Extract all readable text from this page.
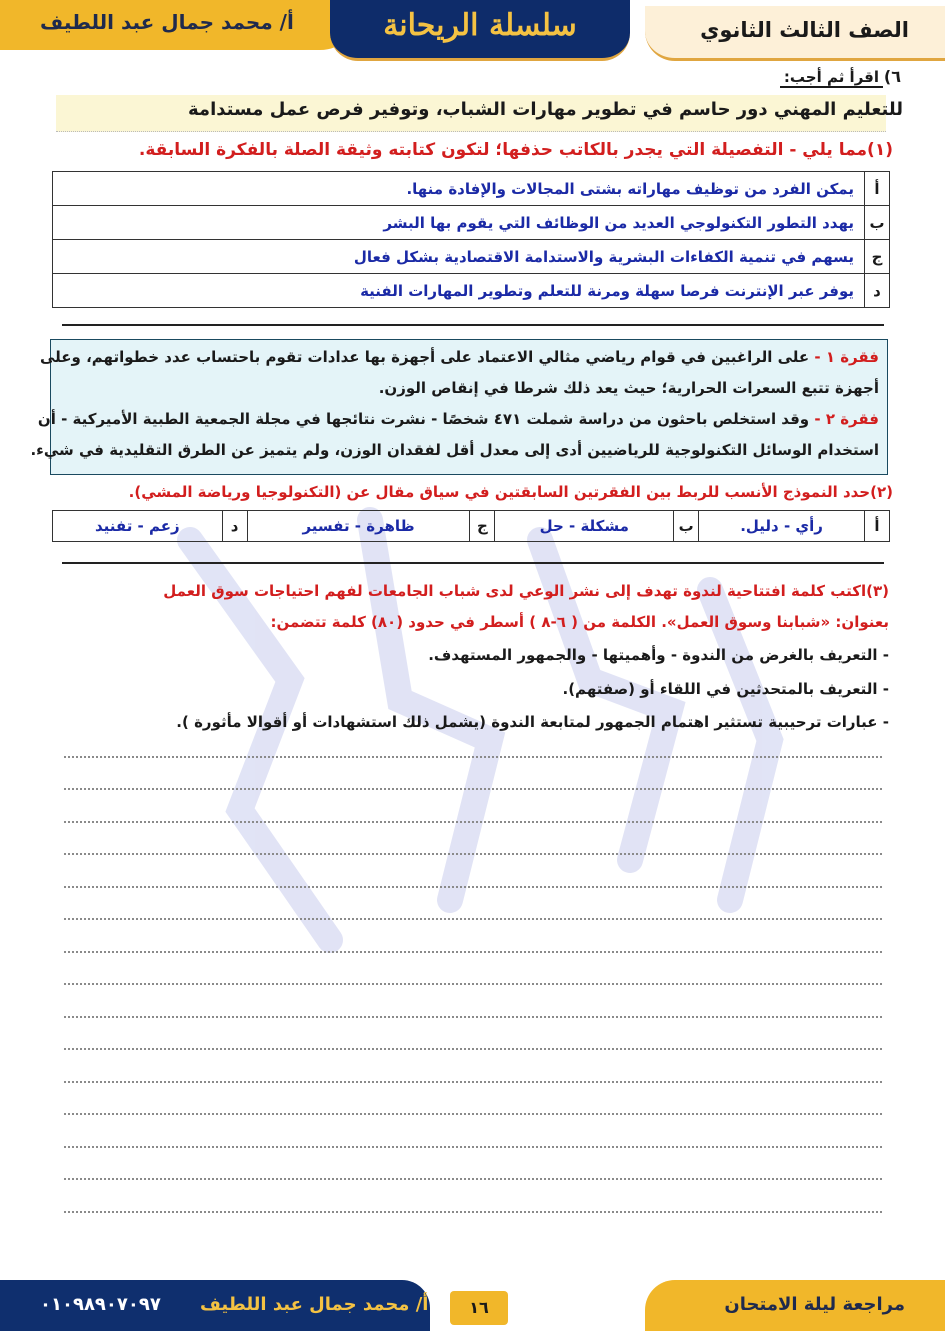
الصف الثالث الثانوي
سلسلة الريحانة
أ/ محمد جمال عبد اللطيف
٦)
اقرأ ثم أجب:
للتعليم المهني دور حاسم في تطوير مهارات الشباب، وتوفير فرص عمل مستدامة
(١)مما يلي - التفصيلة التي يجدر بالكاتب حذفها؛ لتكون كتابته وثيقة الصلة بالفكرة السابقة.
أ	يمكن الفرد من توظيف مهاراته بشتى المجالات والإفادة منها.
ب	يهدد التطور التكنولوجي العديد من الوظائف التي يقوم بها البشر
ج	يسهم في تنمية الكفاءات البشرية والاستدامة الاقتصادية بشكل فعال
د	يوفر عبر الإنترنت فرصا سهلة ومرنة للتعلم وتطوير المهارات الفنية
فقرة ١ - على الراغبين في قوام رياضي مثالي الاعتماد على أجهزة بها عدادات تقوم باحتساب عدد خطواتهم، وعلى
أجهزة تتبع السعرات الحرارية؛ حيث يعد ذلك شرطا في إنقاص الوزن.
فقرة ٢ - وقد استخلص باحثون من دراسة شملت ٤٧١ شخصًا - نشرت نتائجها في مجلة الجمعية الطبية الأميركية - أن
استخدام الوسائل التكنولوجية للرياضيين أدى إلى معدل أقل لفقدان الوزن، ولم يتميز عن الطرق التقليدية في شيء.
(٢)حدد النموذج الأنسب للربط بين الفقرتين السابقتين في سياق مقال عن (التكنولوجيا ورياضة المشي).
أ	رأي - دليل.	ب	مشكلة - حل	ج	ظاهرة - تفسير	د	زعم - تفنيد
(٣)اكتب كلمة افتتاحية لندوة تهدف إلى نشر الوعي لدى شباب الجامعات لفهم احتياجات سوق العمل
بعنوان: «شبابنا وسوق العمل». الكلمة من ( ٦-٨ ) أسطر في حدود (٨٠) كلمة تتضمن:
- التعريف بالغرض من الندوة - وأهميتها - والجمهور المستهدف.
- التعريف بالمتحدثين في اللقاء أو (صفتهم).
- عبارات ترحيبية تستثير اهتمام الجمهور لمتابعة الندوة (يشمل ذلك استشهادات أو أقوالا مأثورة ).
٠١٠٩٨٩٠٧٠٩٧ أ/ محمد جمال عبد اللطيف	١٦	مراجعة ليلة الامتحان
